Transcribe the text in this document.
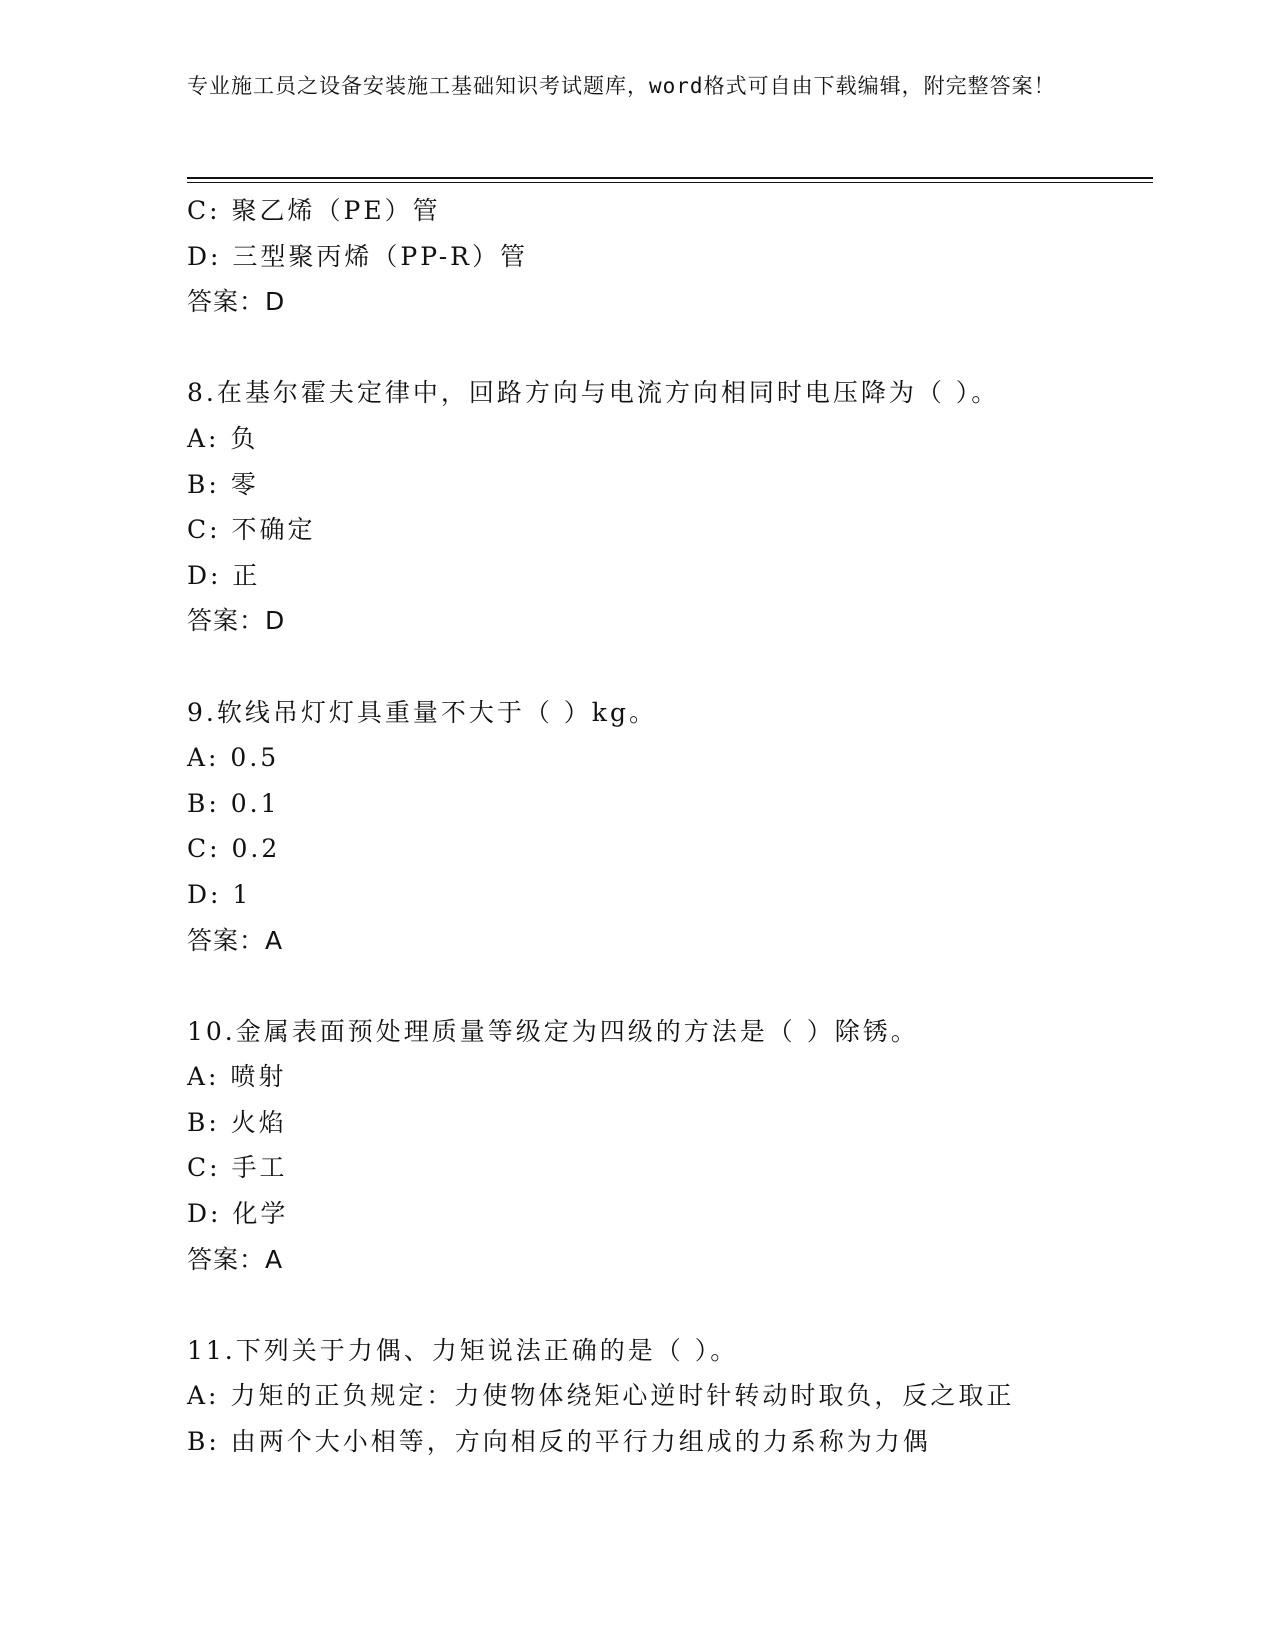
专业施工员之设备安装施工基础知识考试题库，word格式可自由下载编辑，附完整答案！
C: 聚乙烯（PE）管
D: 三型聚丙烯（PP-R）管
答案：D
8.在基尔霍夫定律中，回路方向与电流方向相同时电压降为（ ）。
A: 负
B: 零
C: 不确定
D: 正
答案：D
9.软线吊灯灯具重量不大于（ ）kg。
A: 0.5
B: 0.1
C: 0.2
D: 1
答案：A
10.金属表面预处理质量等级定为四级的方法是（ ）除锈。
A: 喷射
B: 火焰
C: 手工
D: 化学
答案：A
11.下列关于力偶、力矩说法正确的是（ ）。
A: 力矩的正负规定：力使物体绕矩心逆时针转动时取负，反之取正
B: 由两个大小相等，方向相反的平行力组成的力系称为力偶
